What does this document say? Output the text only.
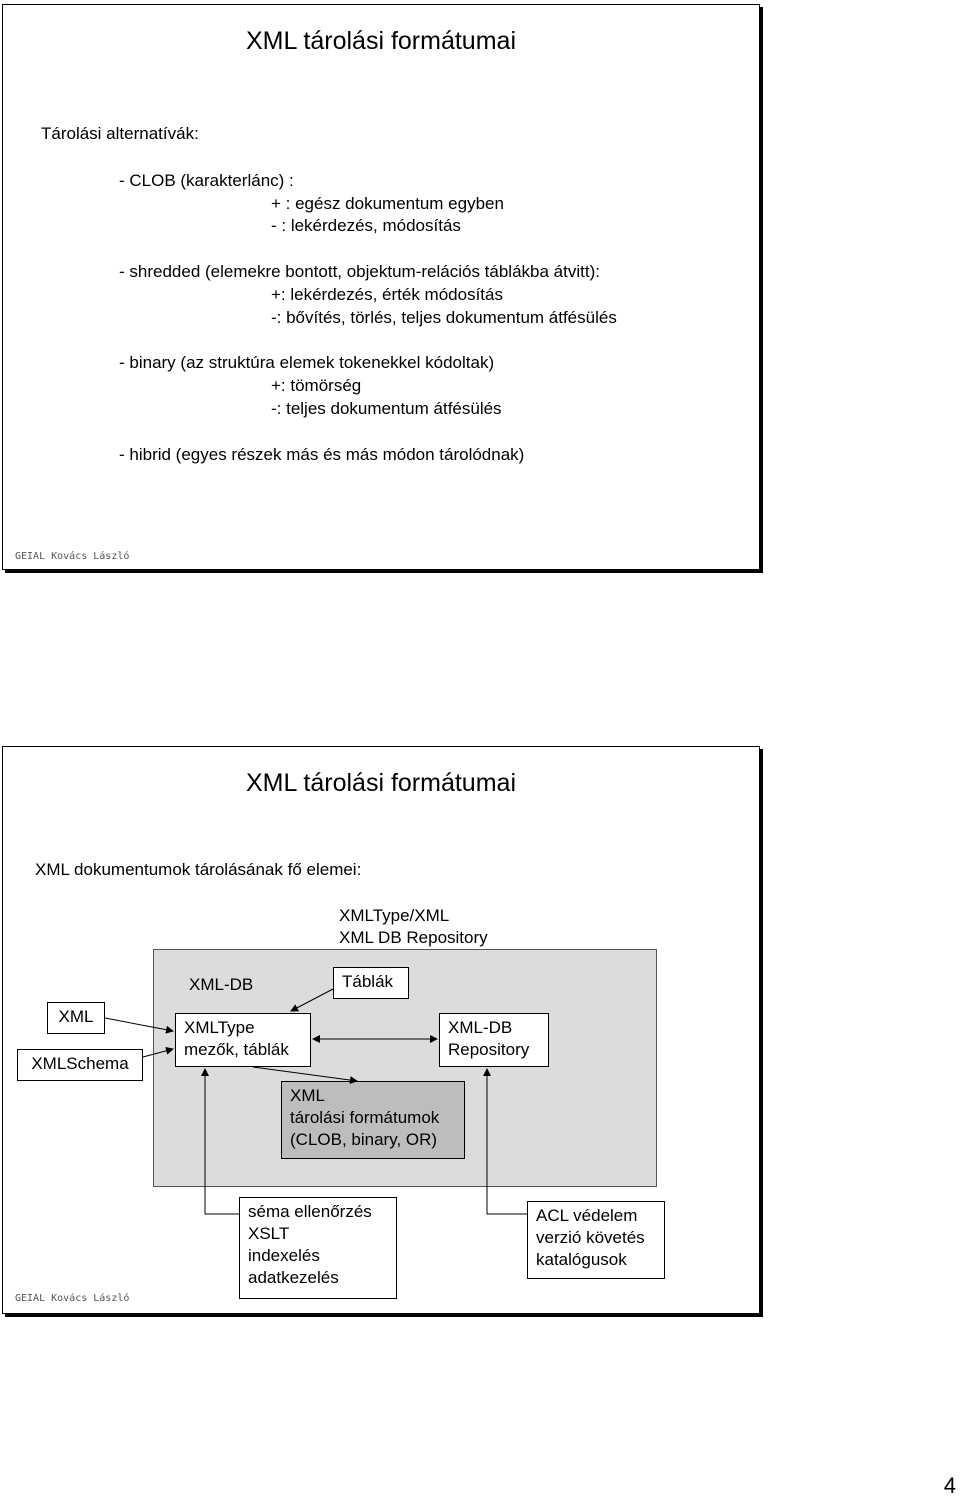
XML tárolási formátumai
Tárolási alternatívák:
- CLOB (karakterlánc) :
+ : egész dokumentum egyben
- : lekérdezés, módosítás
- shredded (elemekre bontott, objektum-relációs táblákba átvitt):
+: lekérdezés, érték módosítás
-: bővítés, törlés, teljes dokumentum átfésülés
- binary (az struktúra elemek tokenekkel kódoltak)
+: tömörség
-: teljes dokumentum átfésülés
- hibrid (egyes részek más és más módon tárolódnak)
GEIAL Kovács László
XML tárolási formátumai
XML dokumentumok tárolásának fő elemei:
XMLType/XML
XML DB Repository
XML-DB	Táblák
XML
XMLSchema
XMLType
mezők, táblák
XML-DB
Repository
XML
tárolási formátumok
(CLOB, binary, OR)
séma ellenőrzés
XSLT
indexelés
adatkezelés
ACL védelem
verzió követés
katalógusok
GEIAL Kovács László
4
